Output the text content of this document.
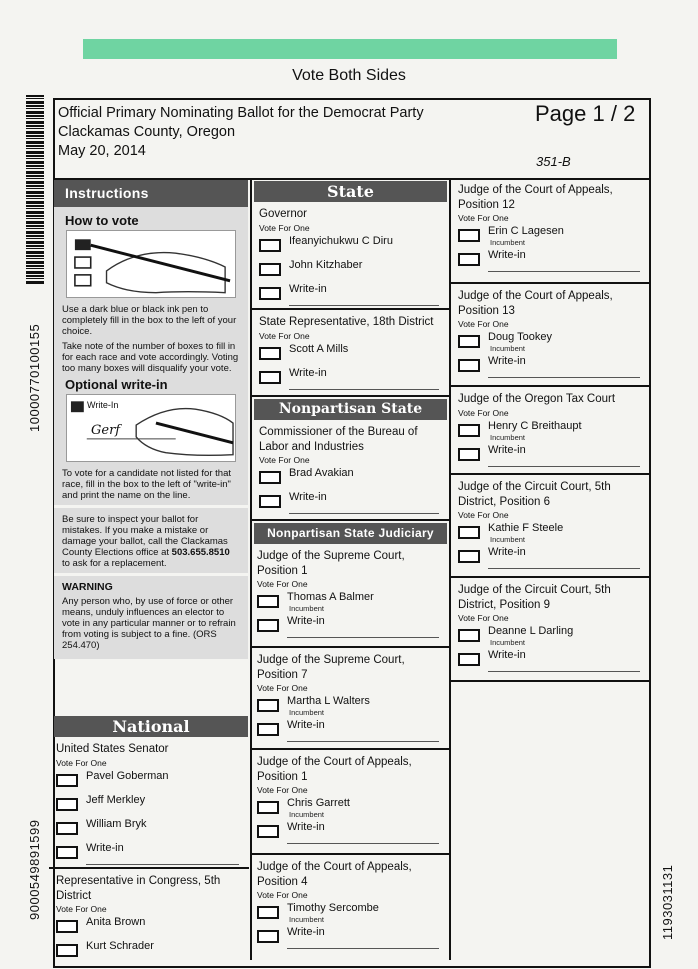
Vote Both Sides
10000770100155
9000549891599	1193031131
Official Primary Nominating Ballot for the Democrat Party
Clackamas County, Oregon
May 20, 2014
Page 1 / 2
351-B
Instructions
How to vote
Use a dark blue or black ink pen to completely fill in the box to the left of your choice.
Take note of the number of boxes to fill in for each race and vote accordingly. Voting too many boxes will disqualify your vote.
Optional write-in
Write-In
Gerf
To vote for a candidate not listed for that race, fill in the box to the left of "write-in" and print the name on the line.
Be sure to inspect your ballot for mistakes. If you make a mistake or damage your ballot, call the Clackamas County Elections office at 503.655.8510 to ask for a replacement.
WARNING
Any person who, by use of force or other means, unduly influences an elector to vote in any particular manner or to refrain from voting is subject to a fine. (ORS 254.470)
National
United States Senator
Vote For One
Pavel Goberman
Jeff Merkley
William Bryk
Write-in
Representative in Congress, 5th District
Vote For One
Anita Brown
Kurt Schrader
State
Governor
Vote For One
Ifeanyichukwu C Diru
John Kitzhaber
Write-in
State Representative, 18th District
Vote For One
Scott A Mills
Write-in
Nonpartisan State
Commissioner of the Bureau of Labor and Industries
Vote For One
Brad Avakian
Write-in
Nonpartisan State Judiciary
Judge of the Supreme Court, Position 1
Vote For One
Thomas A Balmer
Incumbent
Write-in
Judge of the Supreme Court, Position 7
Vote For One
Martha L Walters
Incumbent
Write-in
Judge of the Court of Appeals, Position 1
Vote For One
Chris Garrett
Incumbent
Write-in
Judge of the Court of Appeals, Position 4
Vote For One
Timothy Sercombe
Incumbent
Write-in
Judge of the Court of Appeals, Position 12
Vote For One
Erin C Lagesen
Incumbent
Write-in
Judge of the Court of Appeals, Position 13
Vote For One
Doug Tookey
Incumbent
Write-in
Judge of the Oregon Tax Court
Vote For One
Henry C Breithaupt
Incumbent
Write-in
Judge of the Circuit Court, 5th District, Position 6
Vote For One
Kathie F Steele
Incumbent
Write-in
Judge of the Circuit Court, 5th District, Position 9
Vote For One
Deanne L Darling
Incumbent
Write-in
